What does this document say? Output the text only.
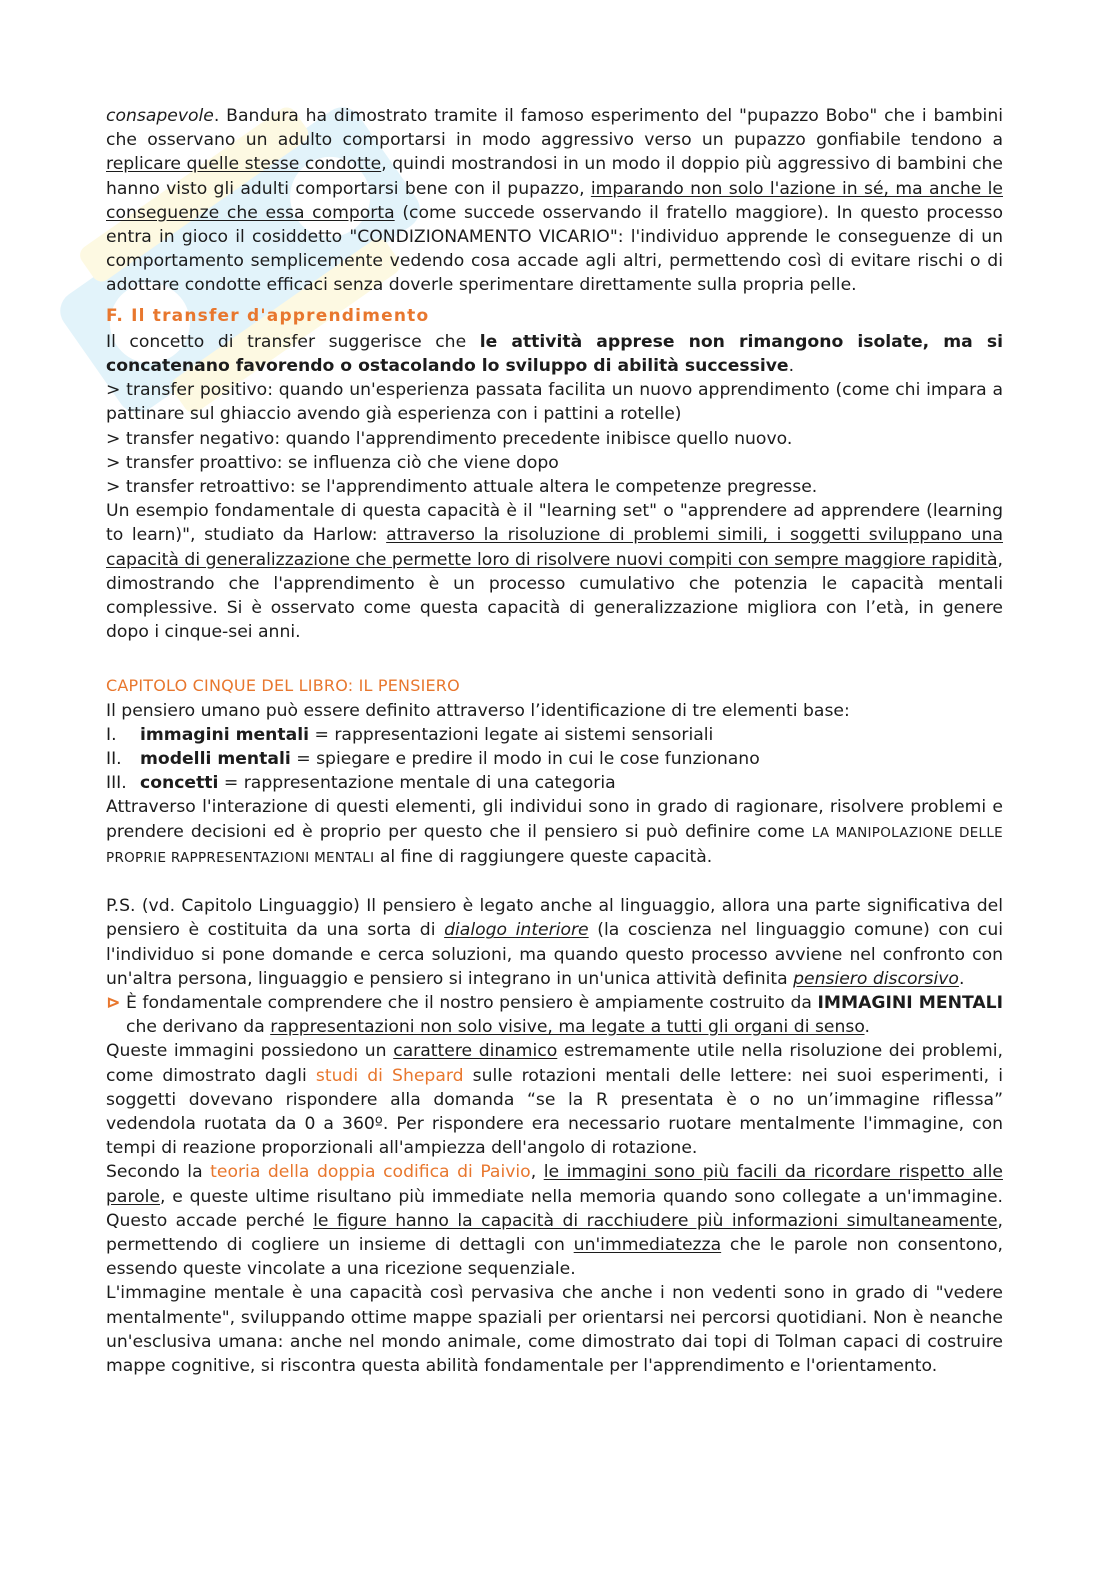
consapevole. Bandura ha dimostrato tramite il famoso esperimento del "pupazzo Bobo" che i bambini che osservano un adulto comportarsi in modo aggressivo verso un pupazzo gonfiabile tendono a replicare quelle stesse condotte, quindi mostrandosi in un modo il doppio più aggressivo di bambini che hanno visto gli adulti comportarsi bene con il pupazzo, imparando non solo l'azione in sé, ma anche le conseguenze che essa comporta (come succede osservando il fratello maggiore). In questo processo entra in gioco il cosiddetto "CONDIZIONAMENTO VICARIO": l'individuo apprende le conseguenze di un comportamento semplicemente vedendo cosa accade agli altri, permettendo così di evitare rischi o di adottare condotte efficaci senza doverle sperimentare direttamente sulla propria pelle.

F. Il transfer d'apprendimento

Il concetto di transfer suggerisce che le attività apprese non rimangono isolate, ma si concatenano favorendo o ostacolando lo sviluppo di abilità successive.

> transfer positivo: quando un'esperienza passata facilita un nuovo apprendimento (come chi impara a pattinare sul ghiaccio avendo già esperienza con i pattini a rotelle)

> transfer negativo: quando l'apprendimento precedente inibisce quello nuovo.

> transfer proattivo: se influenza ciò che viene dopo

> transfer retroattivo: se l'apprendimento attuale altera le competenze pregresse.

Un esempio fondamentale di questa capacità è il "learning set" o "apprendere ad apprendere (learning to learn)", studiato da Harlow: attraverso la risoluzione di problemi simili, i soggetti sviluppano una capacità di generalizzazione che permette loro di risolvere nuovi compiti con sempre maggiore rapidità, dimostrando che l'apprendimento è un processo cumulativo che potenzia le capacità mentali complessive. Si è osservato come questa capacità di generalizzazione migliora con l’età, in genere dopo i cinque-sei anni.

CAPITOLO CINQUE DEL LIBRO: IL PENSIERO

Il pensiero umano può essere definito attraverso l’identificazione di tre elementi base:

I.	immagini mentali = rappresentazioni legate ai sistemi sensoriali
II.	modelli mentali = spiegare e predire il modo in cui le cose funzionano
III. concetti = rappresentazione mentale di una categoria

Attraverso l'interazione di questi elementi, gli individui sono in grado di ragionare, risolvere problemi e prendere decisioni ed è proprio per questo che il pensiero si può definire come LA MANIPOLAZIONE DELLE PROPRIE RAPPRESENTAZIONI MENTALI al fine di raggiungere queste capacità.

P.S. (vd. Capitolo Linguaggio) Il pensiero è legato anche al linguaggio, allora una parte significativa del pensiero è costituita da una sorta di dialogo interiore (la coscienza nel linguaggio comune) con cui l'individuo si pone domande e cerca soluzioni, ma quando questo processo avviene nel confronto con un'altra persona, linguaggio e pensiero si integrano in un'unica attività definita pensiero discorsivo.

⊳ È fondamentale comprendere che il nostro pensiero è ampiamente costruito da IMMAGINI MENTALI che derivano da rappresentazioni non solo visive, ma legate a tutti gli organi di senso.

Queste immagini possiedono un carattere dinamico estremamente utile nella risoluzione dei problemi, come dimostrato dagli studi di Shepard sulle rotazioni mentali delle lettere: nei suoi esperimenti, i soggetti dovevano rispondere alla domanda “se la R presentata è o no un’immagine riflessa” vedendola ruotata da 0 a 360º. Per rispondere era necessario ruotare mentalmente l'immagine, con tempi di reazione proporzionali all'ampiezza dell'angolo di rotazione.

Secondo la teoria della doppia codifica di Paivio, le immagini sono più facili da ricordare rispetto alle parole, e queste ultime risultano più immediate nella memoria quando sono collegate a un'immagine. Questo accade perché le figure hanno la capacità di racchiudere più informazioni simultaneamente, permettendo di cogliere un insieme di dettagli con un'immediatezza che le parole non consentono, essendo queste vincolate a una ricezione sequenziale.

L'immagine mentale è una capacità così pervasiva che anche i non vedenti sono in grado di "vedere mentalmente", sviluppando ottime mappe spaziali per orientarsi nei percorsi quotidiani. Non è neanche un'esclusiva umana: anche nel mondo animale, come dimostrato dai topi di Tolman capaci di costruire mappe cognitive, si riscontra questa abilità fondamentale per l'apprendimento e l'orientamento.
